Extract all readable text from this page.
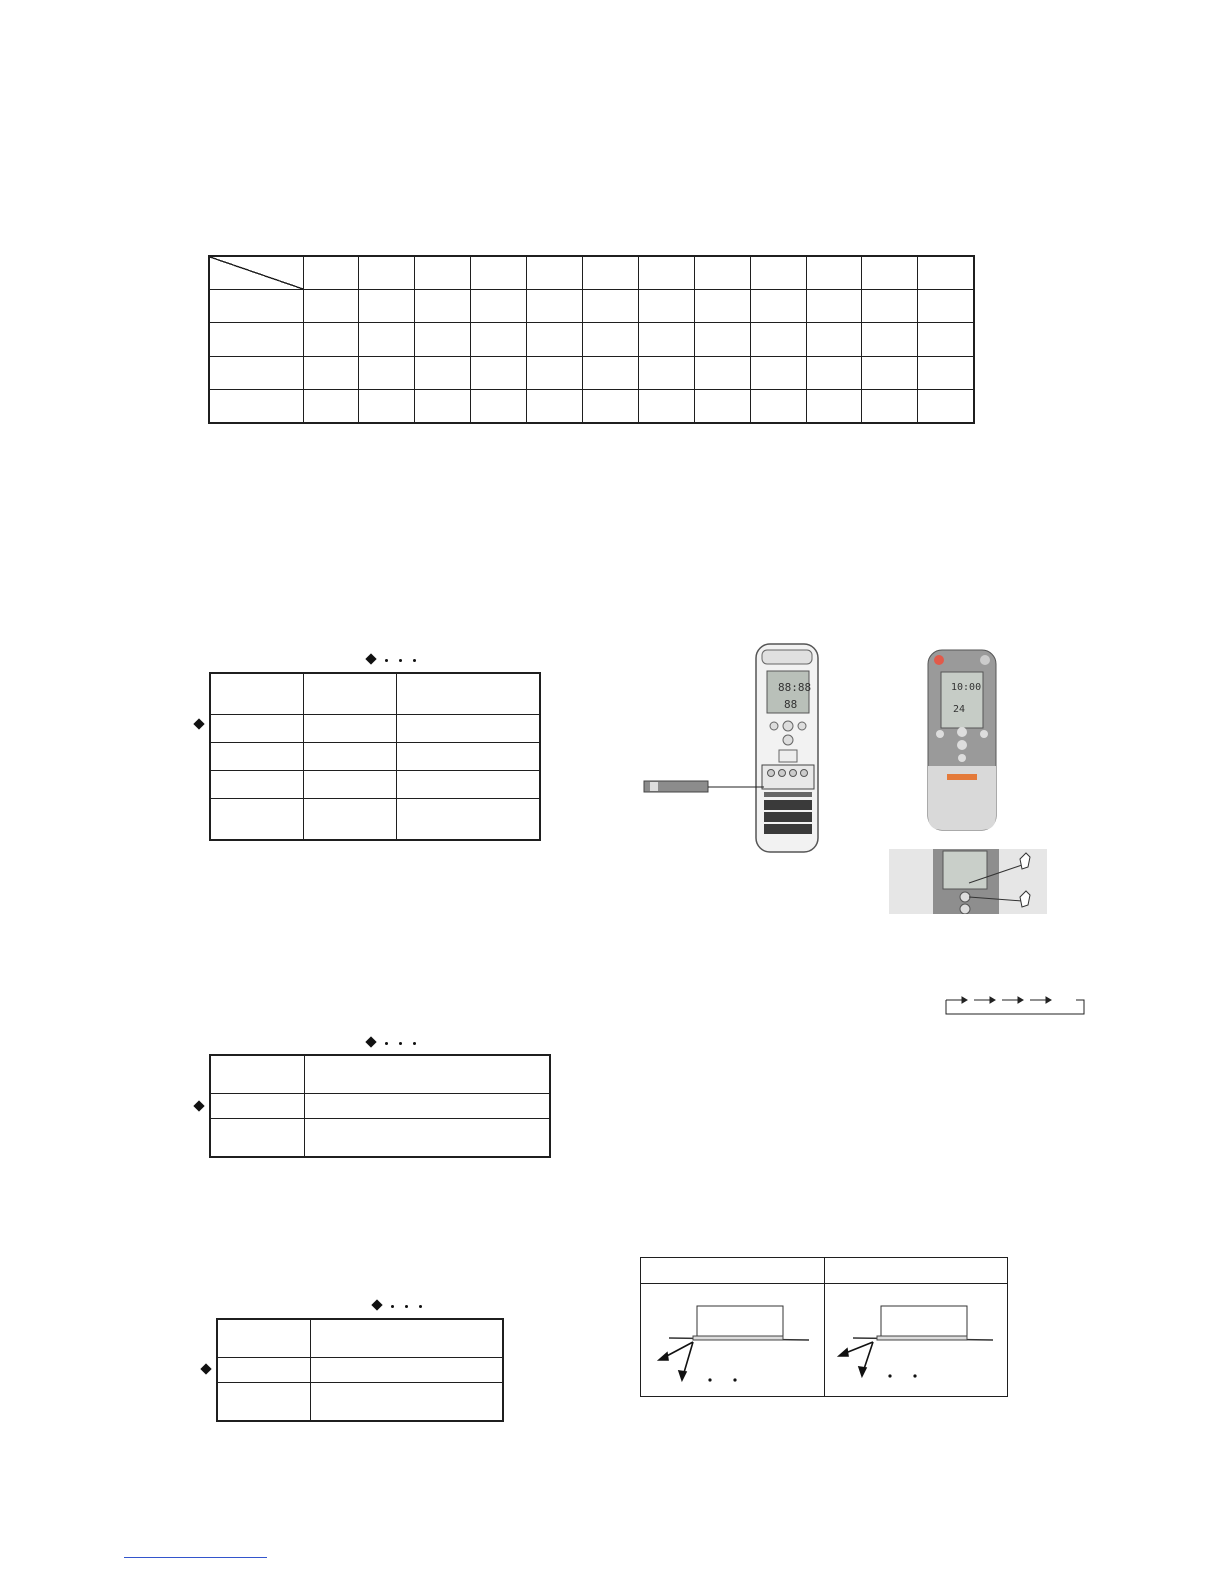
88:88
88
10:00
24
